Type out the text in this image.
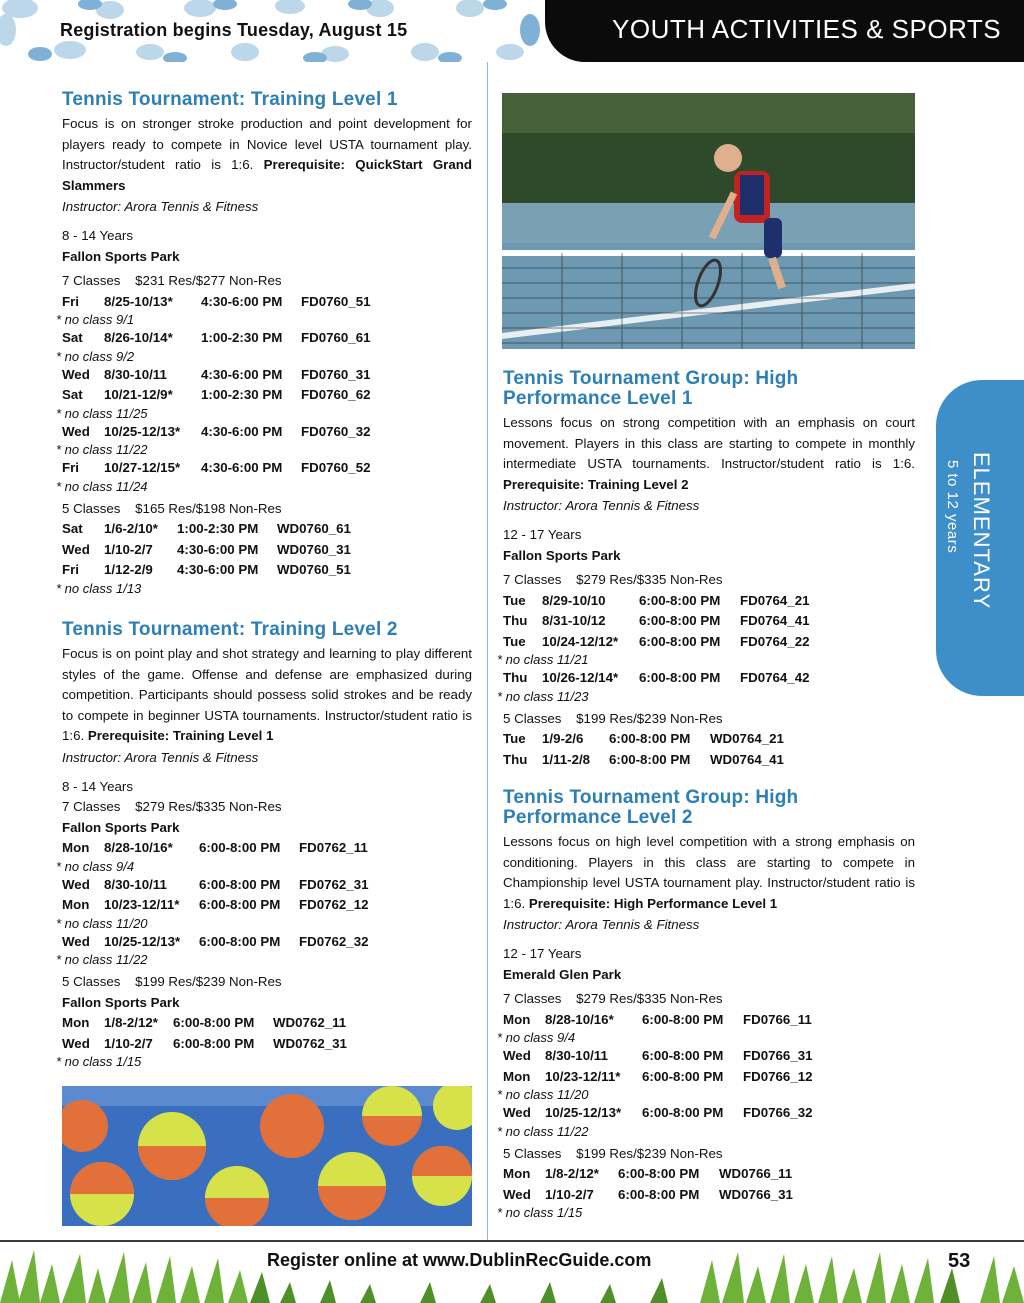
Registration begins Tuesday, August 15	YOUTH ACTIVITIES & SPORTS
Tennis Tournament: Training Level 1
Focus is on stronger stroke production and point development for players ready to compete in Novice level USTA tournament play. Instructor/student ratio is 1:6. Prerequisite: QuickStart Grand Slammers
Instructor: Arora Tennis & Fitness
8 - 14 Years
Fallon Sports Park
7 Classes    $231 Res/$277 Non-Res
Fri	8/25-10/13*	4:30-6:00 PM	FD0760_51
* no class 9/1
Sat	8/26-10/14*	1:00-2:30 PM	FD0760_61
* no class 9/2
Wed	8/30-10/11	4:30-6:00 PM	FD0760_31
Sat	10/21-12/9*	1:00-2:30 PM	FD0760_62
* no class 11/25
Wed	10/25-12/13*	4:30-6:00 PM	FD0760_32
* no class 11/22
Fri	10/27-12/15*	4:30-6:00 PM	FD0760_52
* no class 11/24
5 Classes    $165 Res/$198 Non-Res
Sat	1/6-2/10*	1:00-2:30 PM	WD0760_61
Wed	1/10-2/7	4:30-6:00 PM	WD0760_31
Fri	1/12-2/9	4:30-6:00 PM	WD0760_51
* no class 1/13
Tennis Tournament: Training Level 2
Focus is on point play and shot strategy and learning to play different styles of the game. Offense and defense are emphasized during competition. Participants should possess solid strokes and be ready to compete in beginner USTA tournaments. Instructor/student ratio is 1:6. Prerequisite: Training Level 1
Instructor: Arora Tennis & Fitness
8 - 14 Years
7 Classes    $279 Res/$335 Non-Res
Fallon Sports Park
Mon	8/28-10/16*	6:00-8:00 PM	FD0762_11
* no class 9/4
Wed	8/30-10/11	6:00-8:00 PM	FD0762_31
Mon	10/23-12/11*	6:00-8:00 PM	FD0762_12
* no class 11/20
Wed	10/25-12/13*	6:00-8:00 PM	FD0762_32
* no class 11/22
5 Classes    $199 Res/$239 Non-Res
Fallon Sports Park
Mon	1/8-2/12*	6:00-8:00 PM	WD0762_11
Wed	1/10-2/7	6:00-8:00 PM	WD0762_31
* no class 1/15
Tennis Tournament Group: High
Performance Level 1
Lessons focus on strong competition with an emphasis on court movement. Players in this class are starting to compete in monthly intermediate USTA tournaments. Instructor/student ratio is 1:6. Prerequisite: Training Level 2
Instructor: Arora Tennis & Fitness
12 - 17 Years
Fallon Sports Park
7 Classes    $279 Res/$335 Non-Res
Tue	8/29-10/10	6:00-8:00 PM	FD0764_21
Thu	8/31-10/12	6:00-8:00 PM	FD0764_41
Tue	10/24-12/12*	6:00-8:00 PM	FD0764_22
* no class 11/21
Thu	10/26-12/14*	6:00-8:00 PM	FD0764_42
* no class 11/23
5 Classes    $199 Res/$239 Non-Res
Tue	1/9-2/6	6:00-8:00 PM	WD0764_21
Thu	1/11-2/8	6:00-8:00 PM	WD0764_41
Tennis Tournament Group: High
Performance Level 2
Lessons focus on high level competition with a strong emphasis on conditioning. Players in this class are starting to compete in Championship level USTA tournament play. Instructor/student ratio is 1:6. Prerequisite: High Performance Level 1
Instructor: Arora Tennis & Fitness
12 - 17 Years
Emerald Glen Park
7 Classes    $279 Res/$335 Non-Res
Mon	8/28-10/16*	6:00-8:00 PM	FD0766_11
* no class 9/4
Wed	8/30-10/11	6:00-8:00 PM	FD0766_31
Mon	10/23-12/11*	6:00-8:00 PM	FD0766_12
* no class 11/20
Wed	10/25-12/13*	6:00-8:00 PM	FD0766_32
* no class 11/22
5 Classes    $199 Res/$239 Non-Res
Mon	1/8-2/12*	6:00-8:00 PM	WD0766_11
Wed	1/10-2/7	6:00-8:00 PM	WD0766_31
* no class 1/15
ELEMENTARY
5 to 12 years
Register online at www.DublinRecGuide.com	53
